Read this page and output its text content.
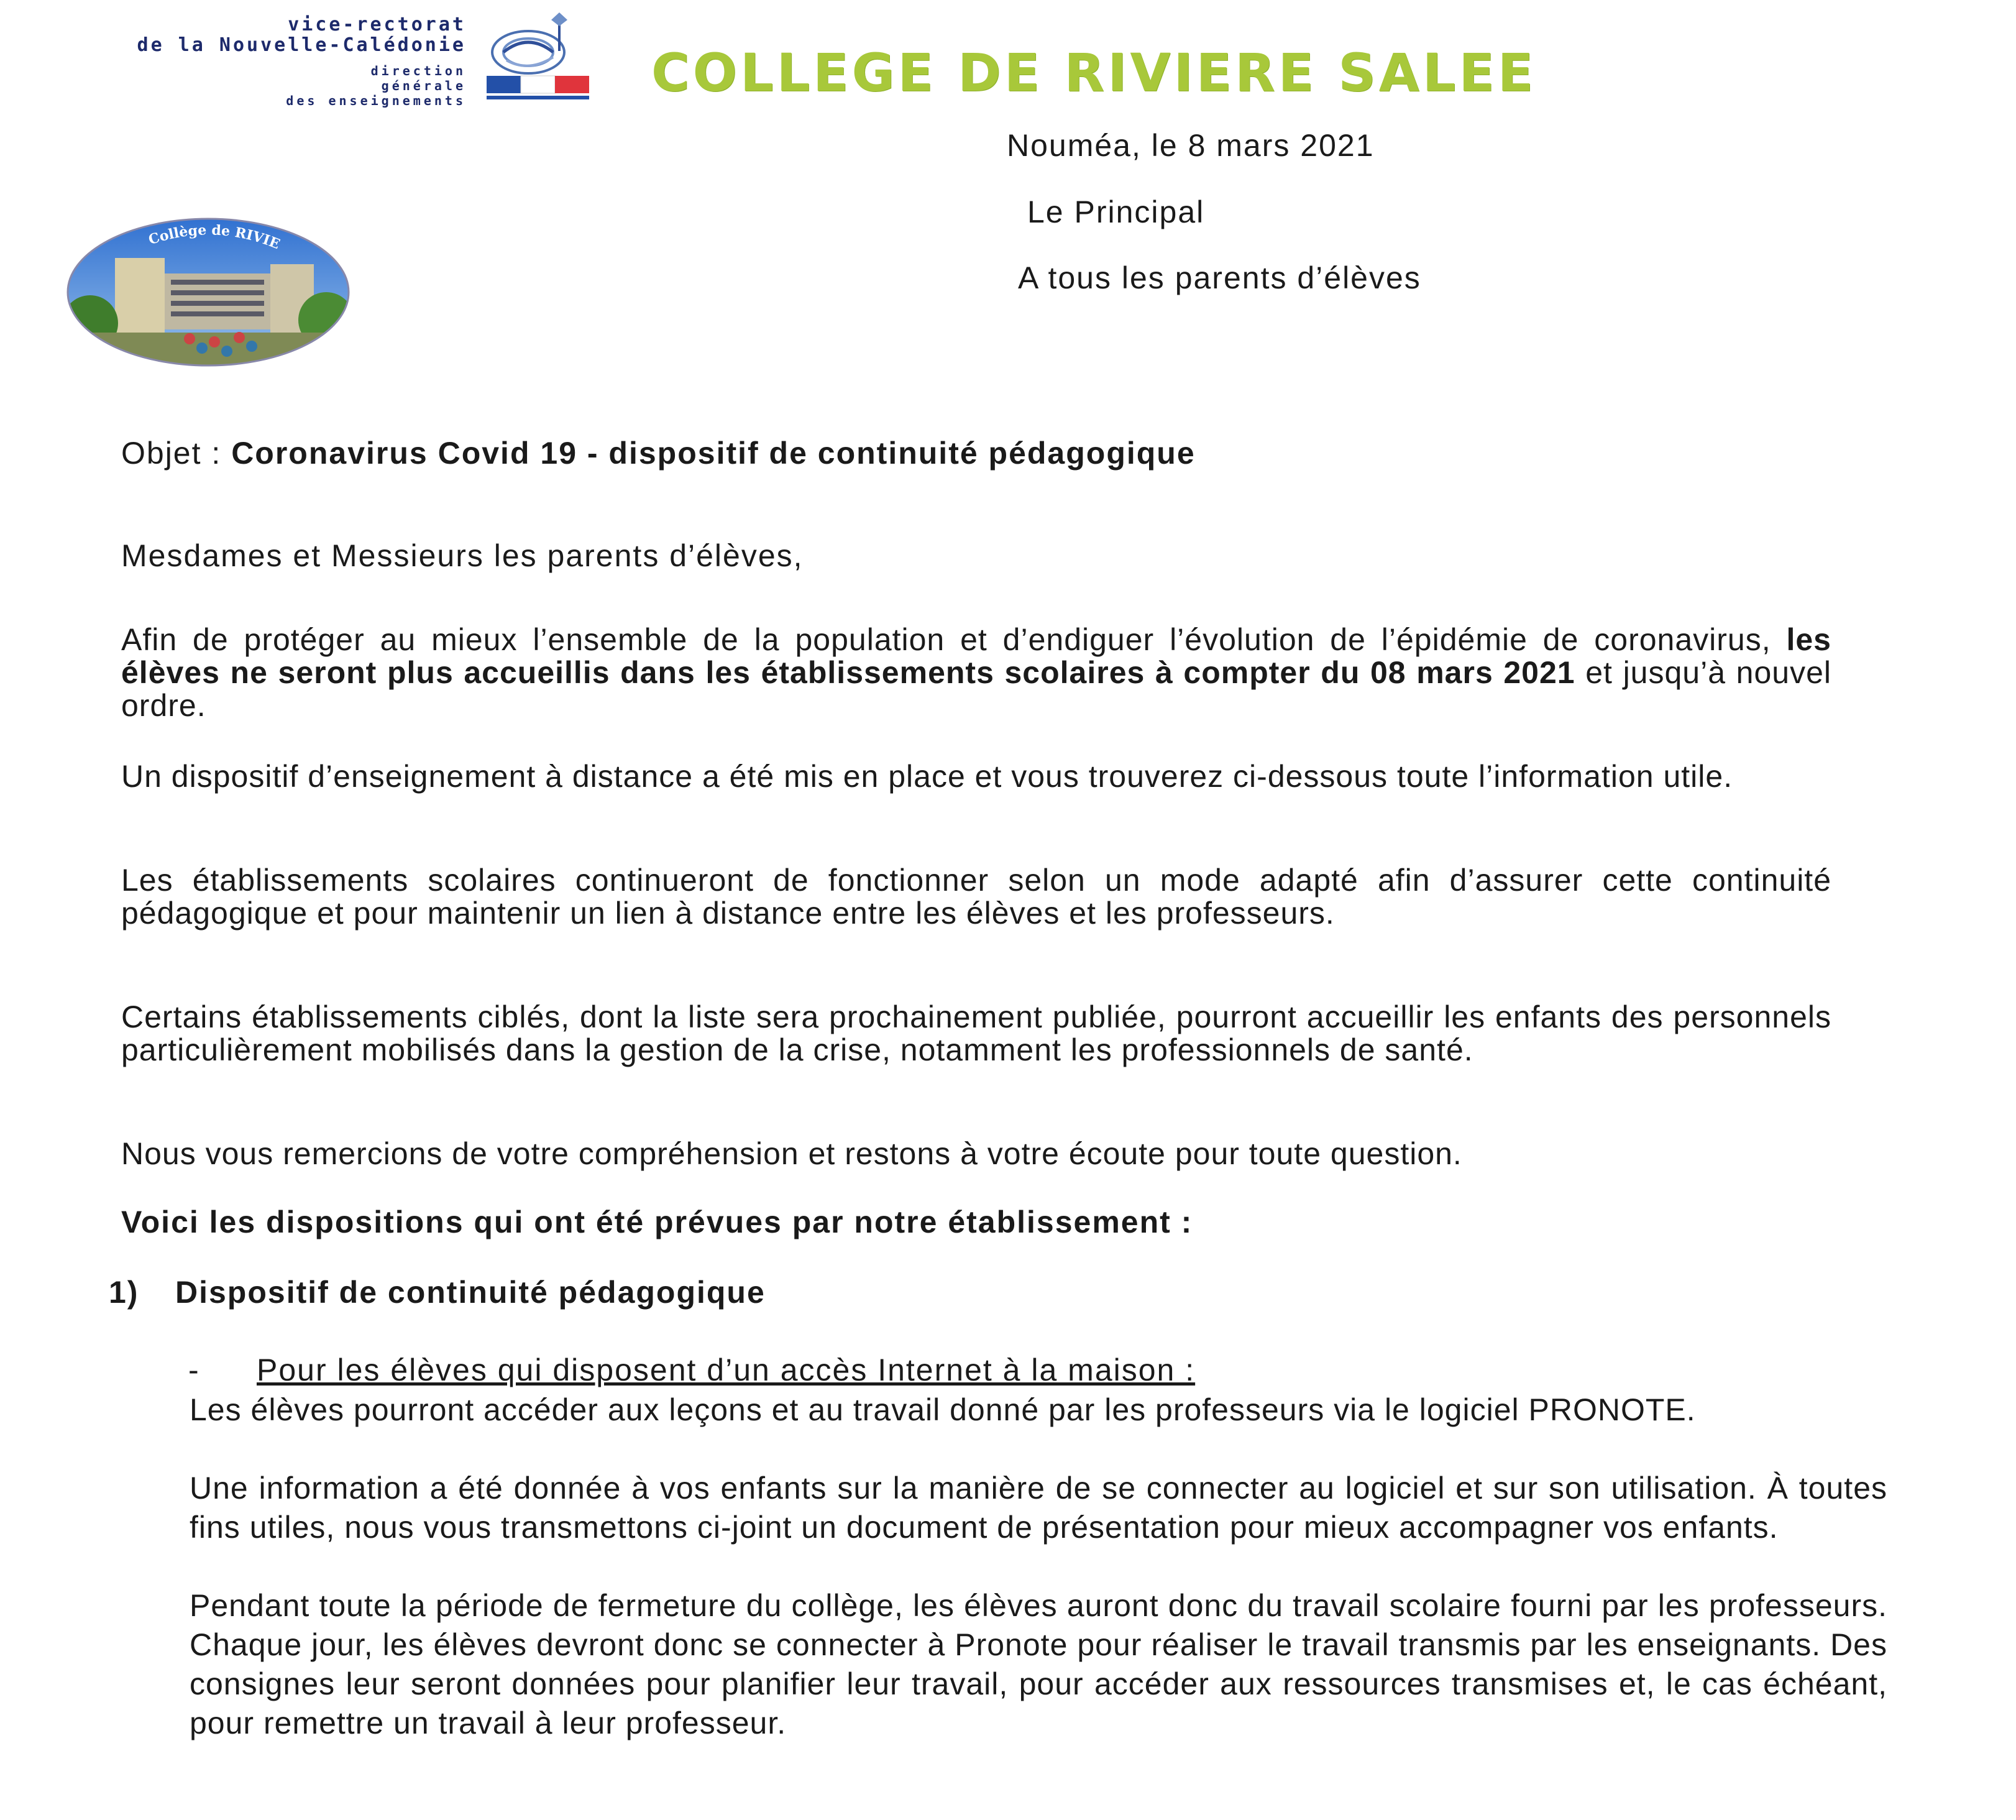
vice-rectorat
de la Nouvelle-Calédonie
direction
générale
des enseignements	COLLEGE DE RIVIERE SALEE
Collège de RIVIE
Nouméa, le 8 mars 2021
Le Principal
A tous les parents d’élèves
Objet : Coronavirus Covid 19 - dispositif de continuité pédagogique
Mesdames et Messieurs les parents d’élèves,
Afin de protéger au mieux l’ensemble de la population et d’endiguer l’évolution de l’épidémie de coronavirus, les élèves ne seront plus accueillis dans les établissements scolaires à compter du 08 mars 2021 et jusqu’à nouvel ordre.
Un dispositif d’enseignement à distance a été mis en place et vous trouverez ci-dessous toute l’information utile.
Les établissements scolaires continueront de fonctionner selon un mode adapté afin d’assurer cette continuité pédagogique et pour maintenir un lien à distance entre les élèves et les professeurs.
Certains établissements ciblés, dont la liste sera prochainement publiée, pourront accueillir les enfants des personnels particulièrement mobilisés dans la gestion de la crise, notamment les professionnels de santé.
Nous vous remercions de votre compréhension et restons à votre écoute pour toute question.
Voici les dispositions qui ont été prévues par notre établissement :
1) Dispositif de continuité pédagogique
- Pour les élèves qui disposent d’un accès Internet à la maison :
Les élèves pourront accéder aux leçons et au travail donné par les professeurs via le logiciel PRONOTE.
Une information a été donnée à vos enfants sur la manière de se connecter au logiciel et sur son utilisation. À toutes fins utiles, nous vous transmettons ci-joint un document de présentation pour mieux accompagner vos enfants.
Pendant toute la période de fermeture du collège, les élèves auront donc du travail scolaire fourni par les professeurs. Chaque jour, les élèves devront donc se connecter à Pronote pour réaliser le travail transmis par les enseignants. Des consignes leur seront données pour planifier leur travail, pour accéder aux ressources transmises et, le cas échéant, pour remettre un travail à leur professeur.
